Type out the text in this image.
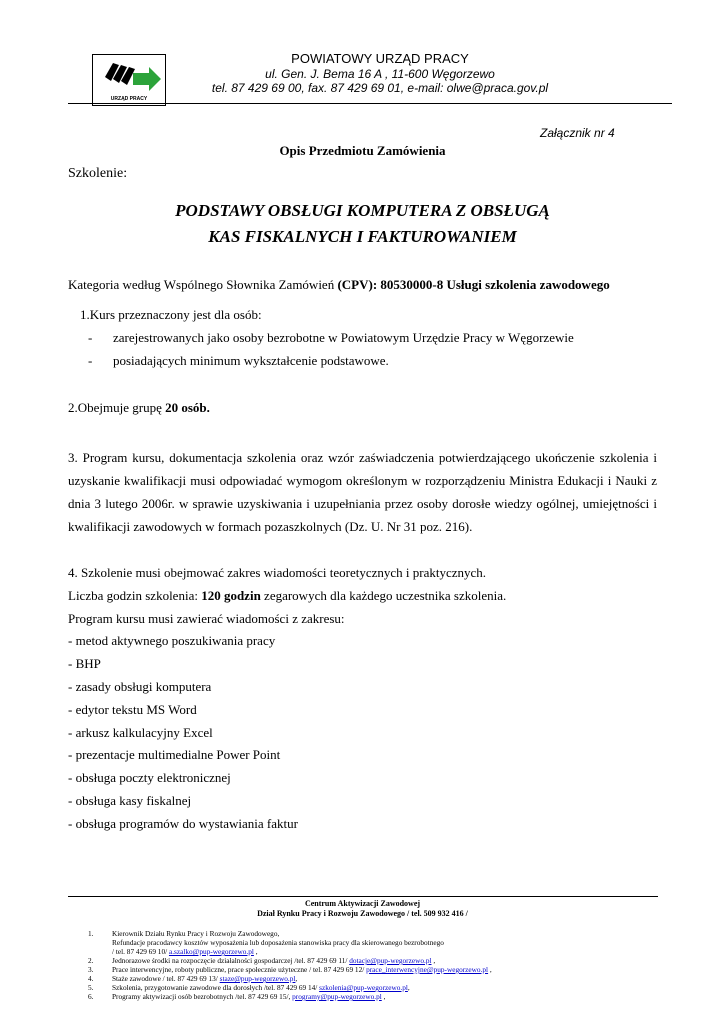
URZĄD PRACY
POWIATOWY URZĄD PRACY
ul. Gen. J. Bema 16 A , 11-600 Węgorzewo
tel. 87 429 69 00, fax. 87 429 69 01, e-mail: olwe@praca.gov.pl
Załącznik nr 4
Opis Przedmiotu Zamówienia
Szkolenie:
PODSTAWY OBSŁUGI KOMPUTERA Z OBSŁUGĄ
KAS FISKALNYCH I FAKTUROWANIEM
Kategoria według Wspólnego Słownika Zamówień (CPV): 80530000-8 Usługi szkolenia zawodowego
1.Kurs przeznaczony jest dla osób:
- zarejestrowanych jako osoby bezrobotne w Powiatowym Urzędzie Pracy w Węgorzewie
- posiadających minimum wykształcenie podstawowe.
2.Obejmuje grupę 20 osób.
3. Program kursu, dokumentacja szkolenia oraz wzór zaświadczenia potwierdzającego ukończenie szkolenia i uzyskanie kwalifikacji musi odpowiadać wymogom określonym w rozporządzeniu Ministra Edukacji i Nauki z dnia 3 lutego 2006r. w sprawie uzyskiwania i uzupełniania przez osoby dorosłe wiedzy ogólnej, umiejętności i kwalifikacji zawodowych w formach pozaszkolnych (Dz. U. Nr 31 poz. 216).
4. Szkolenie musi obejmować zakres wiadomości teoretycznych i praktycznych.
Liczba godzin szkolenia: 120 godzin zegarowych dla każdego uczestnika szkolenia.
Program kursu musi zawierać wiadomości z zakresu:
- metod aktywnego poszukiwania pracy
- BHP
- zasady obsługi komputera
- edytor tekstu MS Word
- arkusz kalkulacyjny Excel
- prezentacje multimedialne Power Point
- obsługa poczty elektronicznej
- obsługa kasy fiskalnej
- obsługa programów do wystawiania faktur
Centrum Aktywizacji Zawodowej
Dział Rynku Pracy i Rozwoju Zawodowego / tel. 509 932 416 /
1.	Kierownik Działu Rynku Pracy i Rozwoju Zawodowego,
Refundacje pracodawcy kosztów wyposażenia lub doposażenia stanowiska pracy dla skierowanego bezrobotnego
/ tel. 87 429 69 10/ a.szalko@pup-wegorzewo.pl ,
2.	Jednorazowe środki na rozpoczęcie działalności gospodarczej /tel. 87 429 69 11/ dotacje@pup-wegorzewo.pl ,
3.	Prace interwencyjne, roboty publiczne, prace społecznie użyteczne / tel. 87 429 69 12/ prace_interwencyjne@pup-wegorzewo.pl ,
4.	Staże zawodowe / tel. 87 429 69 13/ staze@pup-wegorzewo.pl,
5.	Szkolenia, przygotowanie zawodowe dla dorosłych /tel. 87 429 69 14/ szkolenia@pup-wegorzewo.pl,
6.	Programy aktywizacji osób bezrobotnych /tel. 87 429 69 15/, programy@pup-wegorzewo.pl ,
